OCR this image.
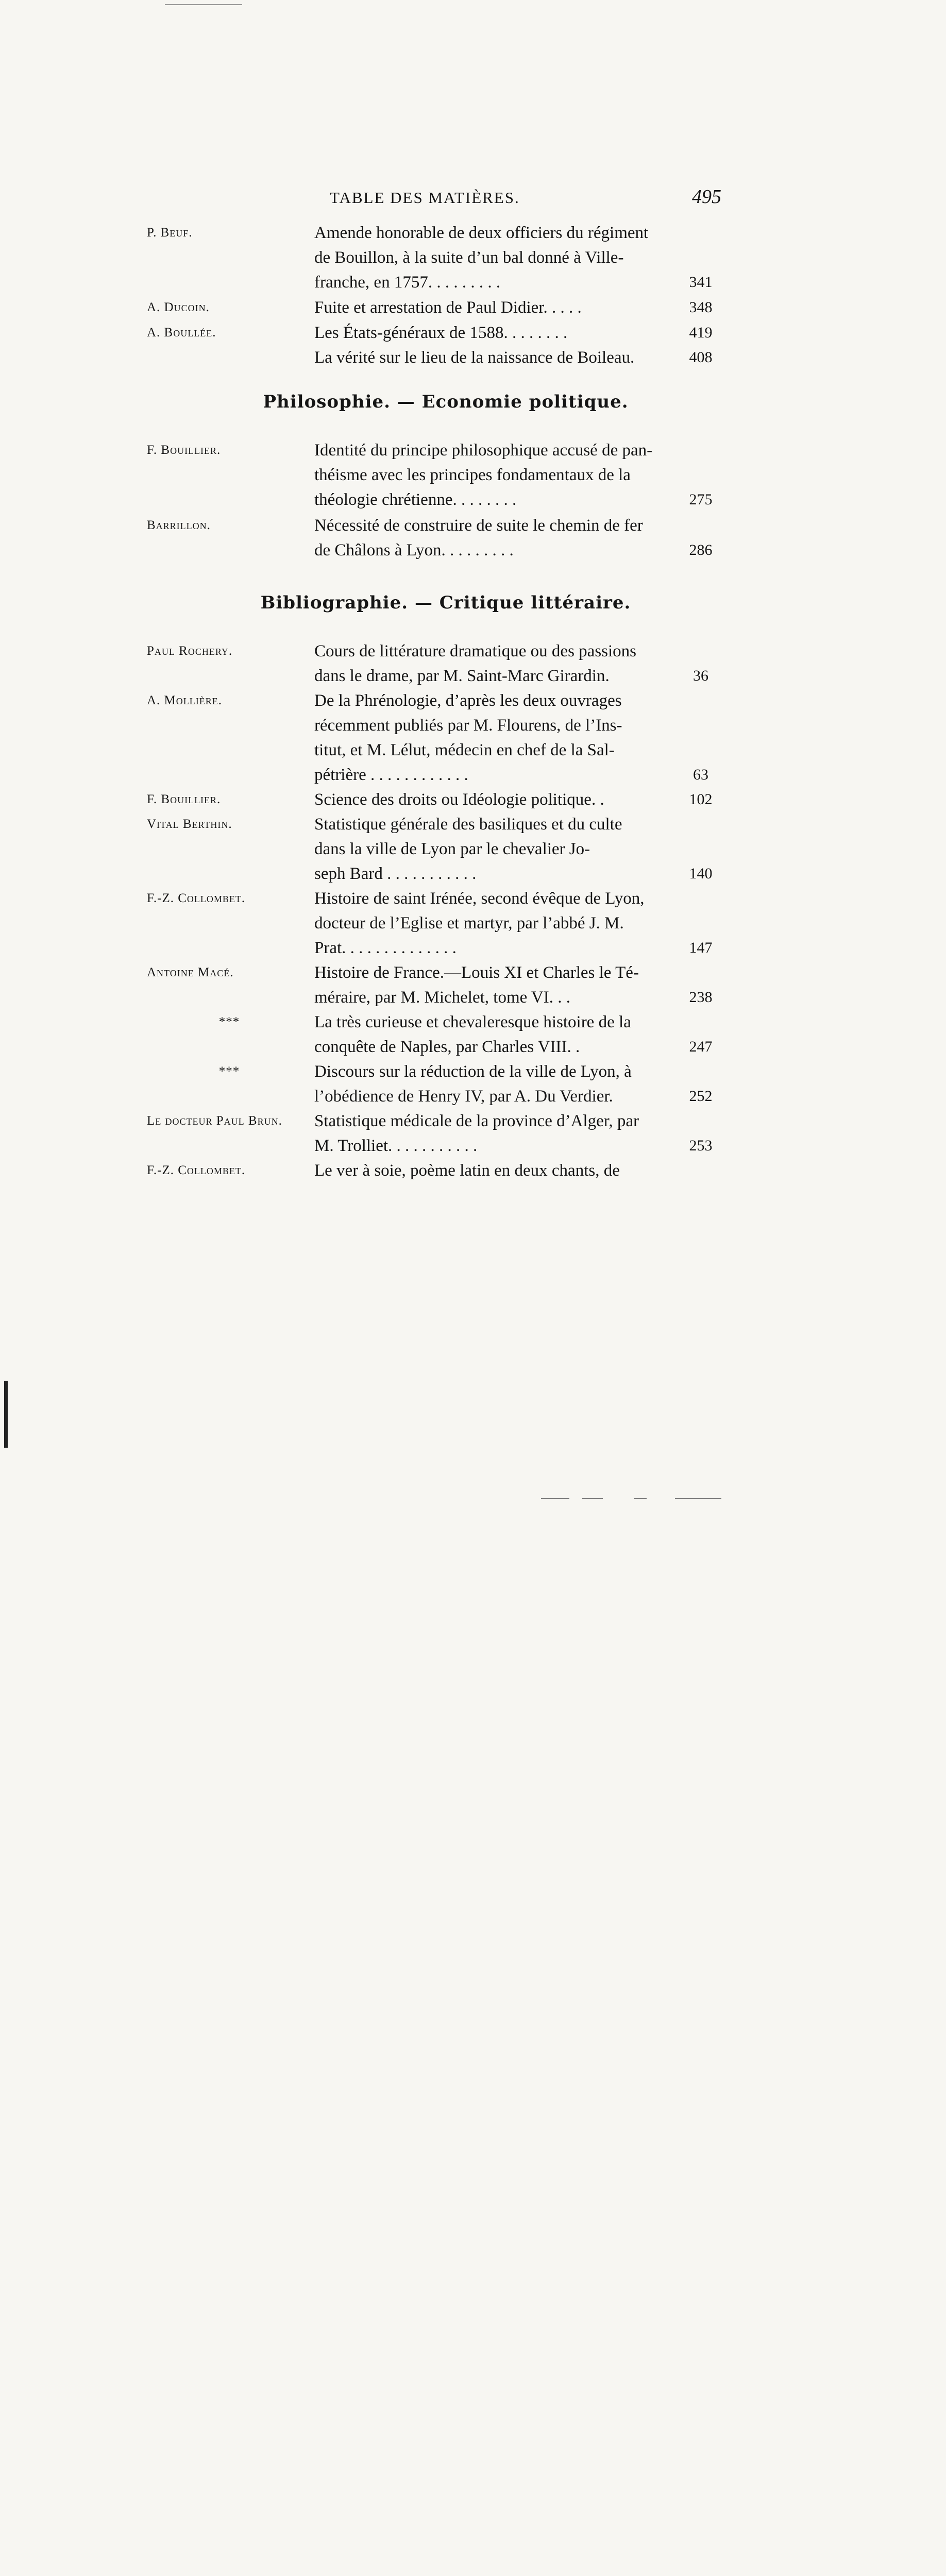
TABLE DES MATIÈRES.	495
P. Beuf.	Amende honorable de deux officiers du régiment
de Bouillon, à la suite d’un bal donné à Ville-
franche, en 1757. . . . . . . . .	341
A. Ducoin.	Fuite et arrestation de Paul Didier. . . . .	348
A. Boullée.	Les États-généraux de 1588. . . . . . . .	419
La vérité sur le lieu de la naissance de Boileau.	408
Philosophie. — Economie politique.
F. Bouillier.	Identité du principe philosophique accusé de pan-
théisme avec les principes fondamentaux de la
théologie chrétienne. . . . . . . .	275
Barrillon.	Nécessité de construire de suite le chemin de fer
de Châlons à Lyon. . . . . . . . .	286
Bibliographie. — Critique littéraire.
Paul Rochery.	Cours de littérature dramatique ou des passions
dans le drame, par M. Saint-Marc Girardin.	36
A. Mollière.	De la Phrénologie, d’après les deux ouvrages
récemment publiés par M. Flourens, de l’Ins-
titut, et M. Lélut, médecin en chef de la Sal-
pétrière . . . . . . . . . . . .	63
F. Bouillier.	Science des droits ou Idéologie politique. .	102
Vital Berthin.	Statistique générale des basiliques et du culte
dans la ville de Lyon par le chevalier Jo-
seph Bard . . . . . . . . . . .	140
F.-Z. Collombet.	Histoire de saint Irénée, second évêque de Lyon,
docteur de l’Eglise et martyr, par l’abbé J. M.
Prat. . . . . . . . . . . . . .	147
Antoine Macé.	Histoire de France.—Louis XI et Charles le Té-
méraire, par M. Michelet, tome VI. . .	238
***	La très curieuse et chevaleresque histoire de la
conquête de Naples, par Charles VIII. .	247
***	Discours sur la réduction de la ville de Lyon, à
l’obédience de Henry IV, par A. Du Verdier.	252
Le docteur Paul Brun.	Statistique médicale de la province d’Alger, par
M. Trolliet. . . . . . . . . . .	253
F.-Z. Collombet.	Le ver à soie, poème latin en deux chants, de
